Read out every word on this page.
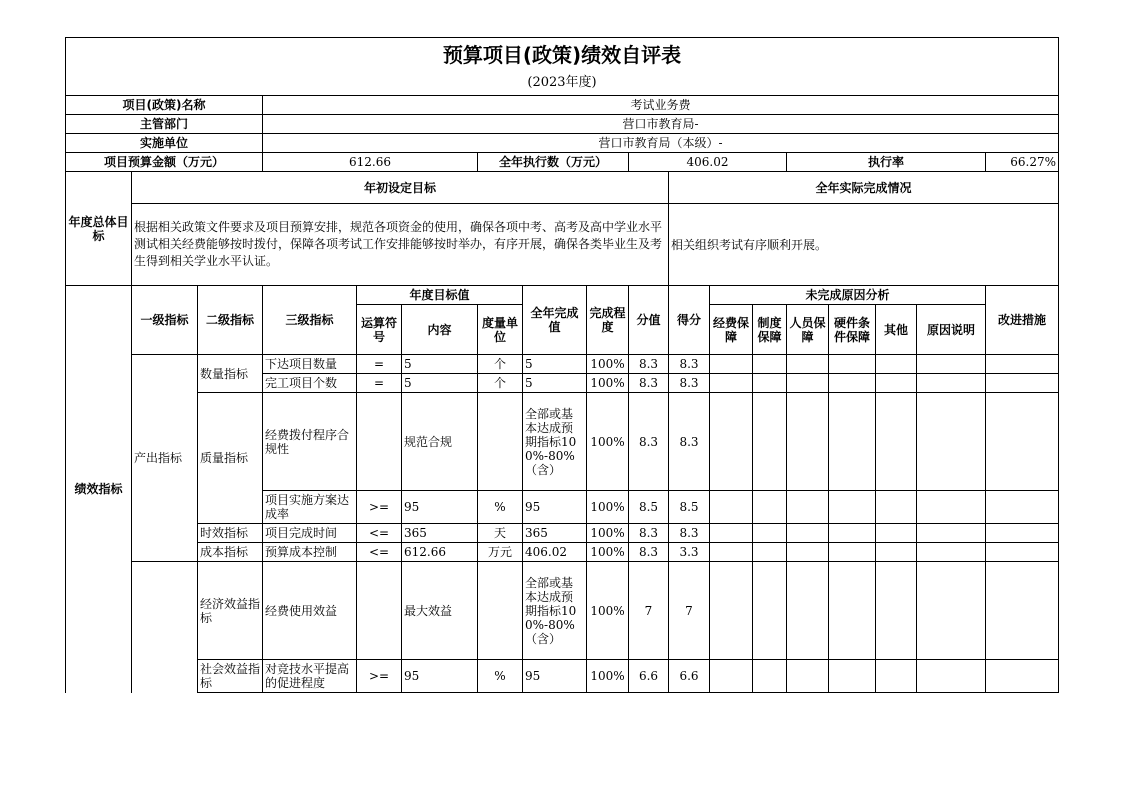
预算项目(政策)绩效自评表																	
(2023年度)																	
项目(政策)名称			考试业务费														
主管部门			营口市教育局-														
实施单位			营口市教育局（本级）-														
项目预算金额（万元）			612.66			全年执行数（万元）			406.02				执行率				66.27%
年度总体目标	年初设定目标									全年实际完成情况							
	根据相关政策文件要求及项目预算安排，规范各项资金的使用，确保各项中考、高考及高中学业水平测试相关经费能够按时拨付，保障各项考试工作安排能够按时举办，有序开展，确保各类毕业生及考生得到相关学业水平认证。									相关组织考试有序顺利开展。							
绩效指标	一级指标	二级指标	三级指标	年度目标值			全年完成值	完成程度	分值	得分	未完成原因分析						改进措施
				运算符号	内容	度量单位					经费保障	制度保障	人员保障	硬件条件保障	其他	原因说明	
	产出指标	数量指标	下达项目数量	=	5	个	5	100%	8.3	8.3							
			完工项目个数	=	5	个	5	100%	8.3	8.3							
		质量指标	经费拨付程序合规性		规范合规		全部或基本达成预期指标100%-80%（含）	100%	8.3	8.3							
			项目实施方案达成率	>=	95	%	95	100%	8.5	8.5							
		时效指标	项目完成时间	<=	365	天	365	100%	8.3	8.3							
		成本指标	预算成本控制	<=	612.66	万元	406.02	100%	8.3	3.3							
		经济效益指标	经费使用效益		最大效益		全部或基本达成预期指标100%-80%（含）	100%	7	7							
		社会效益指标	对竞技水平提高的促进程度	>=	95	%	95	100%	6.6	6.6							
